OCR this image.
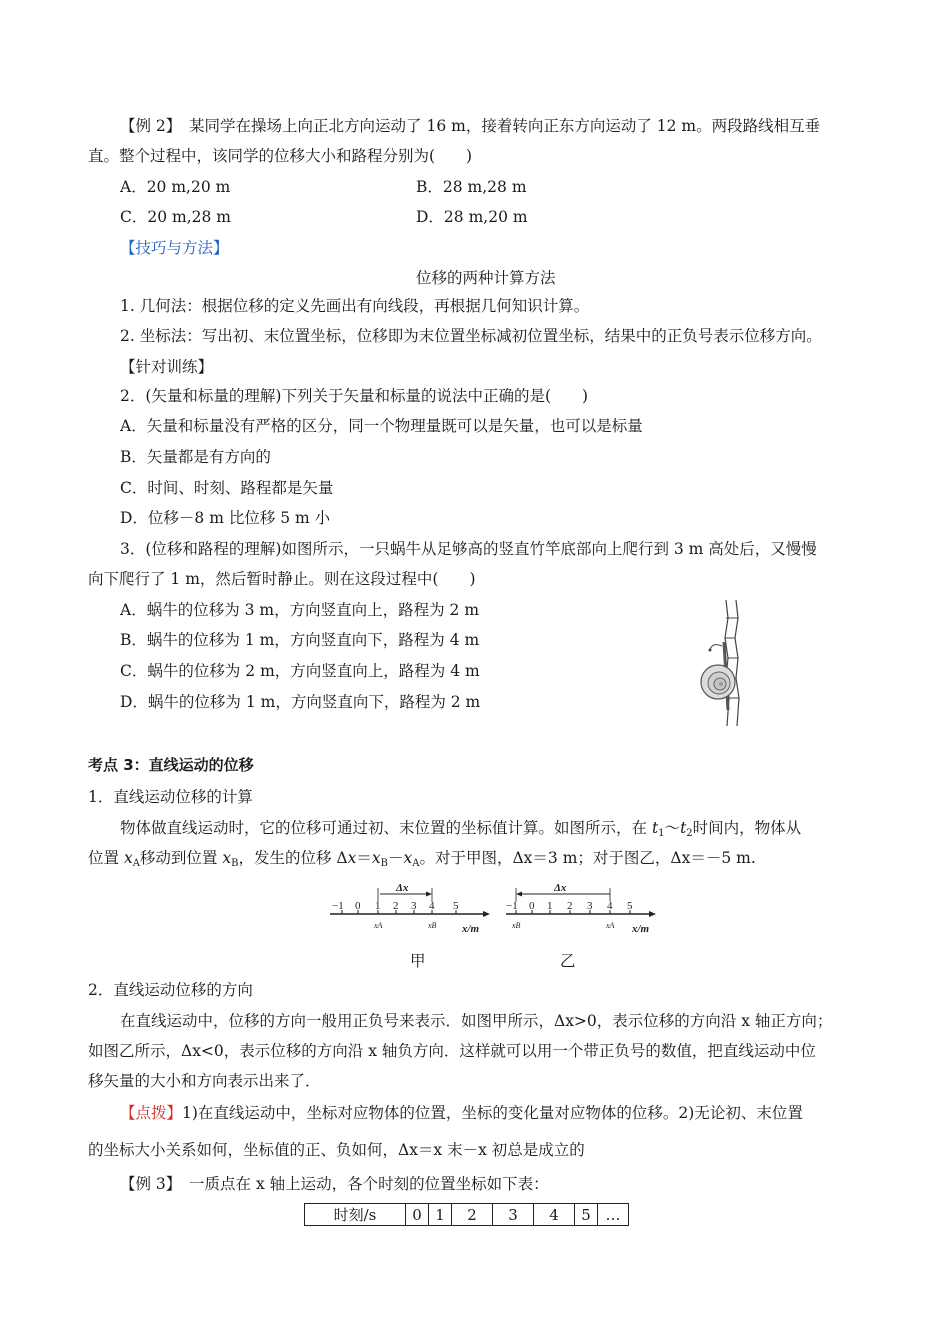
【例 2】　某同学在操场上向正北方向运动了 16 m，接着转向正东方向运动了 12 m。两段路线相互垂
直。整个过程中，该同学的位移大小和路程分别为(　　)
A．20 m,20 m	B．28 m,28 m
C．20 m,28 m	D．28 m,20 m
【技巧与方法】
位移的两种计算方法
1. 几何法：根据位移的定义先画出有向线段，再根据几何知识计算。
2. 坐标法：写出初、末位置坐标，位移即为末位置坐标减初位置坐标，结果中的正负号表示位移方向。
【针对训练】
2．(矢量和标量的理解)下列关于矢量和标量的说法中正确的是(　　)
A．矢量和标量没有严格的区分，同一个物理量既可以是矢量，也可以是标量
B．矢量都是有方向的
C．时间、时刻、路程都是矢量
D．位移－8 m 比位移 5 m 小
3．(位移和路程的理解)如图所示，一只蜗牛从足够高的竖直竹竿底部向上爬行到 3 m 高处后，又慢慢
向下爬行了 1 m，然后暂时静止。则在这段过程中(　　)
A．蜗牛的位移为 3 m，方向竖直向上，路程为 2 m
B．蜗牛的位移为 1 m，方向竖直向下，路程为 4 m
C．蜗牛的位移为 2 m，方向竖直向上，路程为 4 m
D．蜗牛的位移为 1 m，方向竖直向下，路程为 2 m
考点 3：直线运动的位移
1．直线运动位移的计算
物体做直线运动时，它的位移可通过初、末位置的坐标值计算。如图所示，在 $t_1\sim t_2$时间内，物体从
位置 $x_A$移动到位置 $x_B$，发生的位移 $\Delta x=x_B-x_A$。对于甲图，Δx＝3 m；对于图乙，Δx＝－5 m.
−1 0 1 2 3 4 5
Δx
xA	xB x/m
−1 0 1 2 3 4 5
Δx
xB	xA x/m
甲	乙
2．直线运动位移的方向
在直线运动中，位移的方向一般用正负号来表示．如图甲所示，Δx>0，表示位移的方向沿 x 轴正方向；
如图乙所示，Δx<0，表示位移的方向沿 x 轴负方向．这样就可以用一个带正负号的数值，把直线运动中位
移矢量的大小和方向表示出来了．
【点拨】1)在直线运动中，坐标对应物体的位置，坐标的变化量对应物体的位移。2)无论初、末位置
的坐标大小关系如何，坐标值的正、负如何，Δx＝x 末－x 初总是成立的
【例 3】　一质点在 x 轴上运动，各个时刻的位置坐标如下表：
时刻/s	0	1	2	3	4	5	…
